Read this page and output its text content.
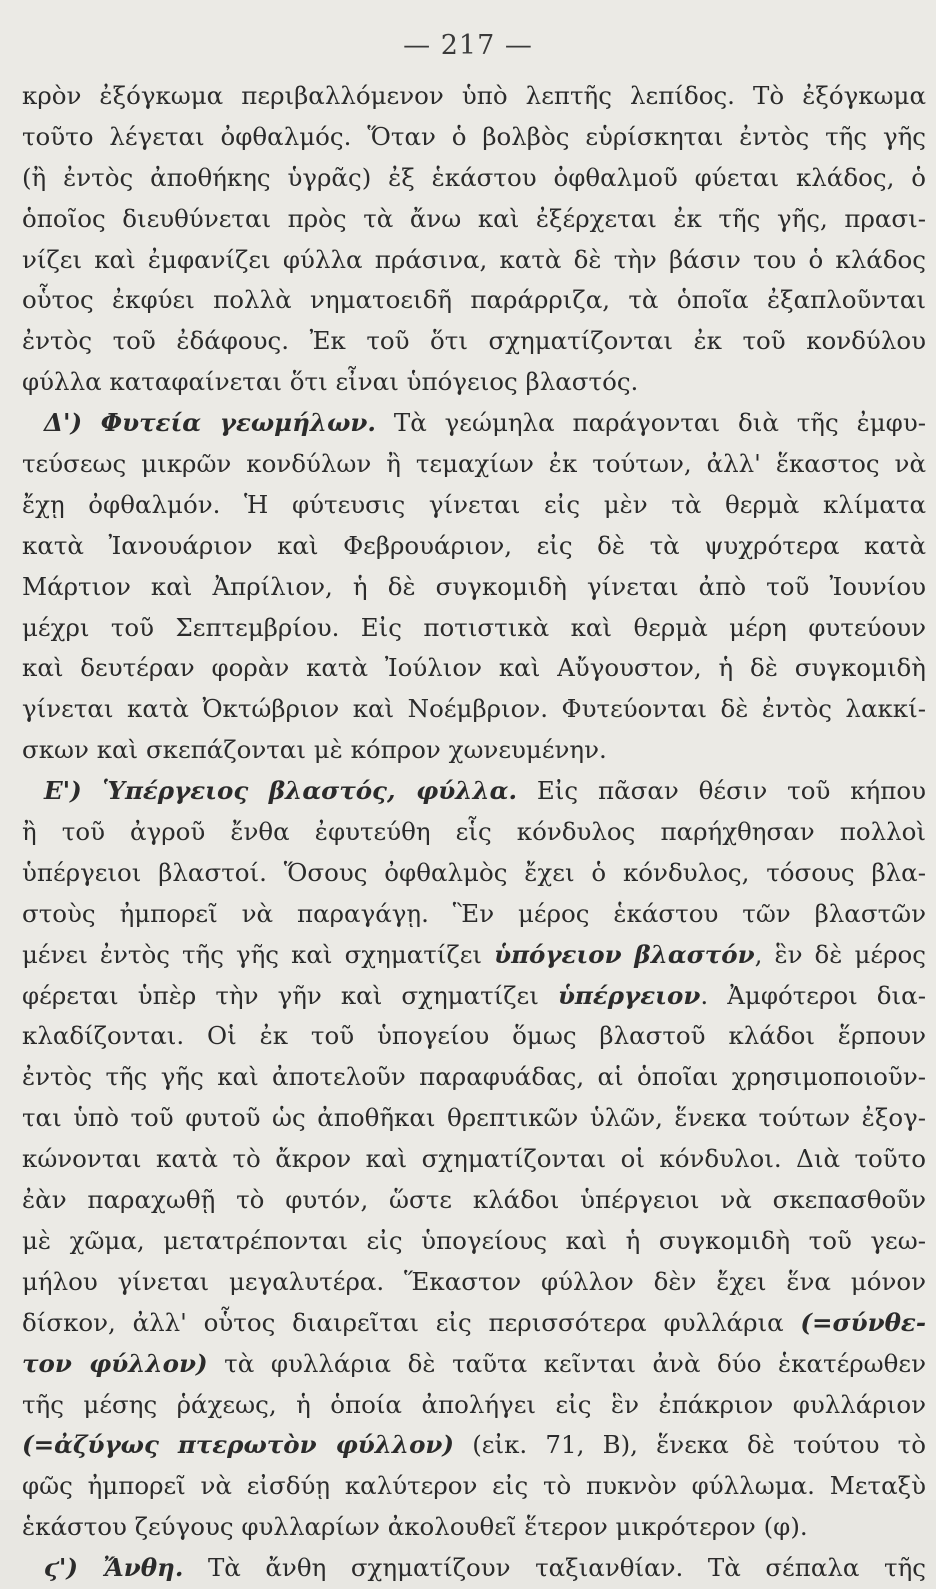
— 217 —
κρὸν ἐξόγκωμα περιβαλλόμενον ὑπὸ λεπτῆς λεπίδος. Τὸ ἐξόγκωμα
τοῦτο λέγεται ὀφθαλμός. Ὅταν ὁ βολβὸς εὑρίσκηται ἐντὸς τῆς γῆς
(ἢ ἐντὸς ἀποθήκης ὑγρᾶς) ἐξ ἑκάστου ὀφθαλμοῦ φύεται κλάδος, ὁ
ὁποῖος διευθύνεται πρὸς τὰ ἄνω καὶ ἐξέρχεται ἐκ τῆς γῆς, πρασι-
νίζει καὶ ἐμφανίζει φύλλα πράσινα, κατὰ δὲ τὴν βάσιν του ὁ κλάδος
οὗτος ἐκφύει πολλὰ νηματοειδῆ παράρριζα, τὰ ὁποῖα ἐξαπλοῦνται
ἐντὸς τοῦ ἐδάφους. Ἐκ τοῦ ὅτι σχηματίζονται ἐκ τοῦ κονδύλου
φύλλα καταφαίνεται ὅτι εἶναι ὑπόγειος βλαστός.
Δ') Φυτεία γεωμήλων. Τὰ γεώμηλα παράγονται διὰ τῆς ἐμφυ-
τεύσεως μικρῶν κονδύλων ἢ τεμαχίων ἐκ τούτων, ἀλλ' ἕκαστος νὰ
ἔχῃ ὀφθαλμόν. Ἡ φύτευσις γίνεται εἰς μὲν τὰ θερμὰ κλίματα
κατὰ Ἰανουάριον καὶ Φεβρουάριον, εἰς δὲ τὰ ψυχρότερα κατὰ
Μάρτιον καὶ Ἀπρίλιον, ἡ δὲ συγκομιδὴ γίνεται ἀπὸ τοῦ Ἰουνίου
μέχρι τοῦ Σεπτεμβρίου. Εἰς ποτιστικὰ καὶ θερμὰ μέρη φυτεύουν
καὶ δευτέραν φορὰν κατὰ Ἰούλιον καὶ Αὔγουστον, ἡ δὲ συγκομιδὴ
γίνεται κατὰ Ὀκτώβριον καὶ Νοέμβριον. Φυτεύονται δὲ ἐντὸς λακκί-
σκων καὶ σκεπάζονται μὲ κόπρον χωνευμένην.
Ε') Ὑπέργειος βλαστός, φύλλα. Εἰς πᾶσαν θέσιν τοῦ κήπου
ἢ τοῦ ἀγροῦ ἔνθα ἐφυτεύθη εἷς κόνδυλος παρήχθησαν πολλοὶ
ὑπέργειοι βλαστοί. Ὅσους ὀφθαλμὸς ἔχει ὁ κόνδυλος, τόσους βλα-
στοὺς ἠμπορεῖ νὰ παραγάγῃ. Ἓν μέρος ἑκάστου τῶν βλαστῶν
μένει ἐντὸς τῆς γῆς καὶ σχηματίζει ὑπόγειον βλαστόν, ἓν δὲ μέρος
φέρεται ὑπὲρ τὴν γῆν καὶ σχηματίζει ὑπέργειον. Ἀμφότεροι δια-
κλαδίζονται. Οἱ ἐκ τοῦ ὑπογείου ὅμως βλαστοῦ κλάδοι ἕρπουν
ἐντὸς τῆς γῆς καὶ ἀποτελοῦν παραφυάδας, αἱ ὁποῖαι χρησιμοποιοῦν-
ται ὑπὸ τοῦ φυτοῦ ὡς ἀποθῆκαι θρεπτικῶν ὑλῶν, ἕνεκα τούτων ἐξογ-
κώνονται κατὰ τὸ ἄκρον καὶ σχηματίζονται οἱ κόνδυλοι. Διὰ τοῦτο
ἐὰν παραχωθῇ τὸ φυτόν, ὥστε κλάδοι ὑπέργειοι νὰ σκεπασθοῦν
μὲ χῶμα, μετατρέπονται εἰς ὑπογείους καὶ ἡ συγκομιδὴ τοῦ γεω-
μήλου γίνεται μεγαλυτέρα. Ἕκαστον φύλλον δὲν ἔχει ἕνα μόνον
δίσκον, ἀλλ' οὗτος διαιρεῖται εἰς περισσότερα φυλλάρια (=σύνθε-
τον φύλλον) τὰ φυλλάρια δὲ ταῦτα κεῖνται ἀνὰ δύο ἑκατέρωθεν
τῆς μέσης ῥάχεως, ἡ ὁποία ἀπολήγει εἰς ἓν ἐπάκριον φυλλάριον
(=ἀζύγως πτερωτὸν φύλλον) (εἰκ. 71, Β), ἕνεκα δὲ τούτου τὸ
φῶς ἠμπορεῖ νὰ εἰσδύῃ καλύτερον εἰς τὸ πυκνὸν φύλλωμα. Μεταξὺ
ἑκάστου ζεύγους φυλλαρίων ἀκολουθεῖ ἕτερον μικρότερον (φ).
ϛ') Ἄνθη. Τὰ ἄνθη σχηματίζουν ταξιανθίαν. Τὰ σέπαλα τῆς
